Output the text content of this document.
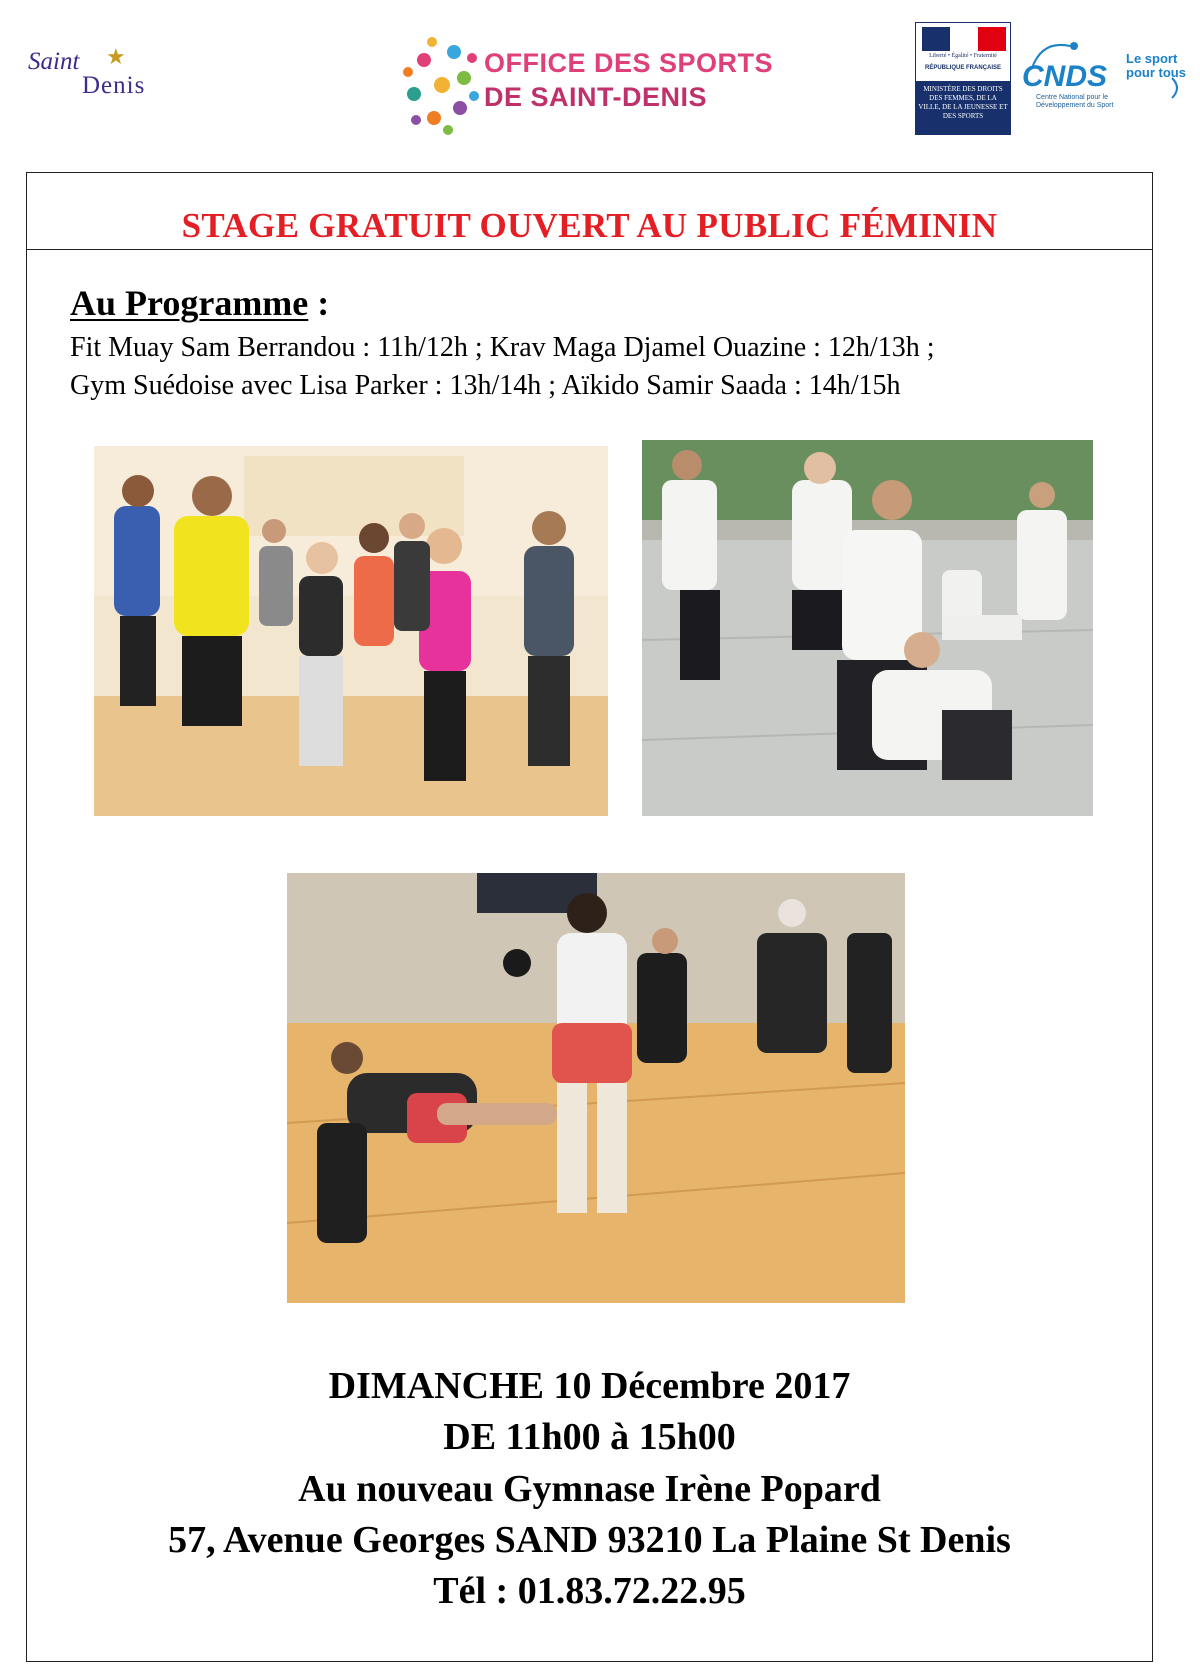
Saint ★
Denis
OFFICE DES SPORTS
DE SAINT-DENIS
Liberté • Égalité • Fraternité
RÉPUBLIQUE FRANÇAISE
MINISTÈRE DES DROITS DES FEMMES, DE LA VILLE, DE LA JEUNESSE ET DES SPORTS
CNDS
Le sport pour tous
Centre National pour le Développement du Sport
STAGE GRATUIT OUVERT AU PUBLIC FÉMININ
Au Programme :
Fit Muay Sam Berrandou : 11h/12h ; Krav Maga Djamel Ouazine : 12h/13h ;
Gym Suédoise avec Lisa Parker : 13h/14h ; Aïkido Samir Saada : 14h/15h
DIMANCHE 10 Décembre 2017
DE 11h00 à 15h00
Au nouveau Gymnase Irène Popard
57, Avenue Georges SAND 93210 La Plaine St Denis
Tél : 01.83.72.22.95
